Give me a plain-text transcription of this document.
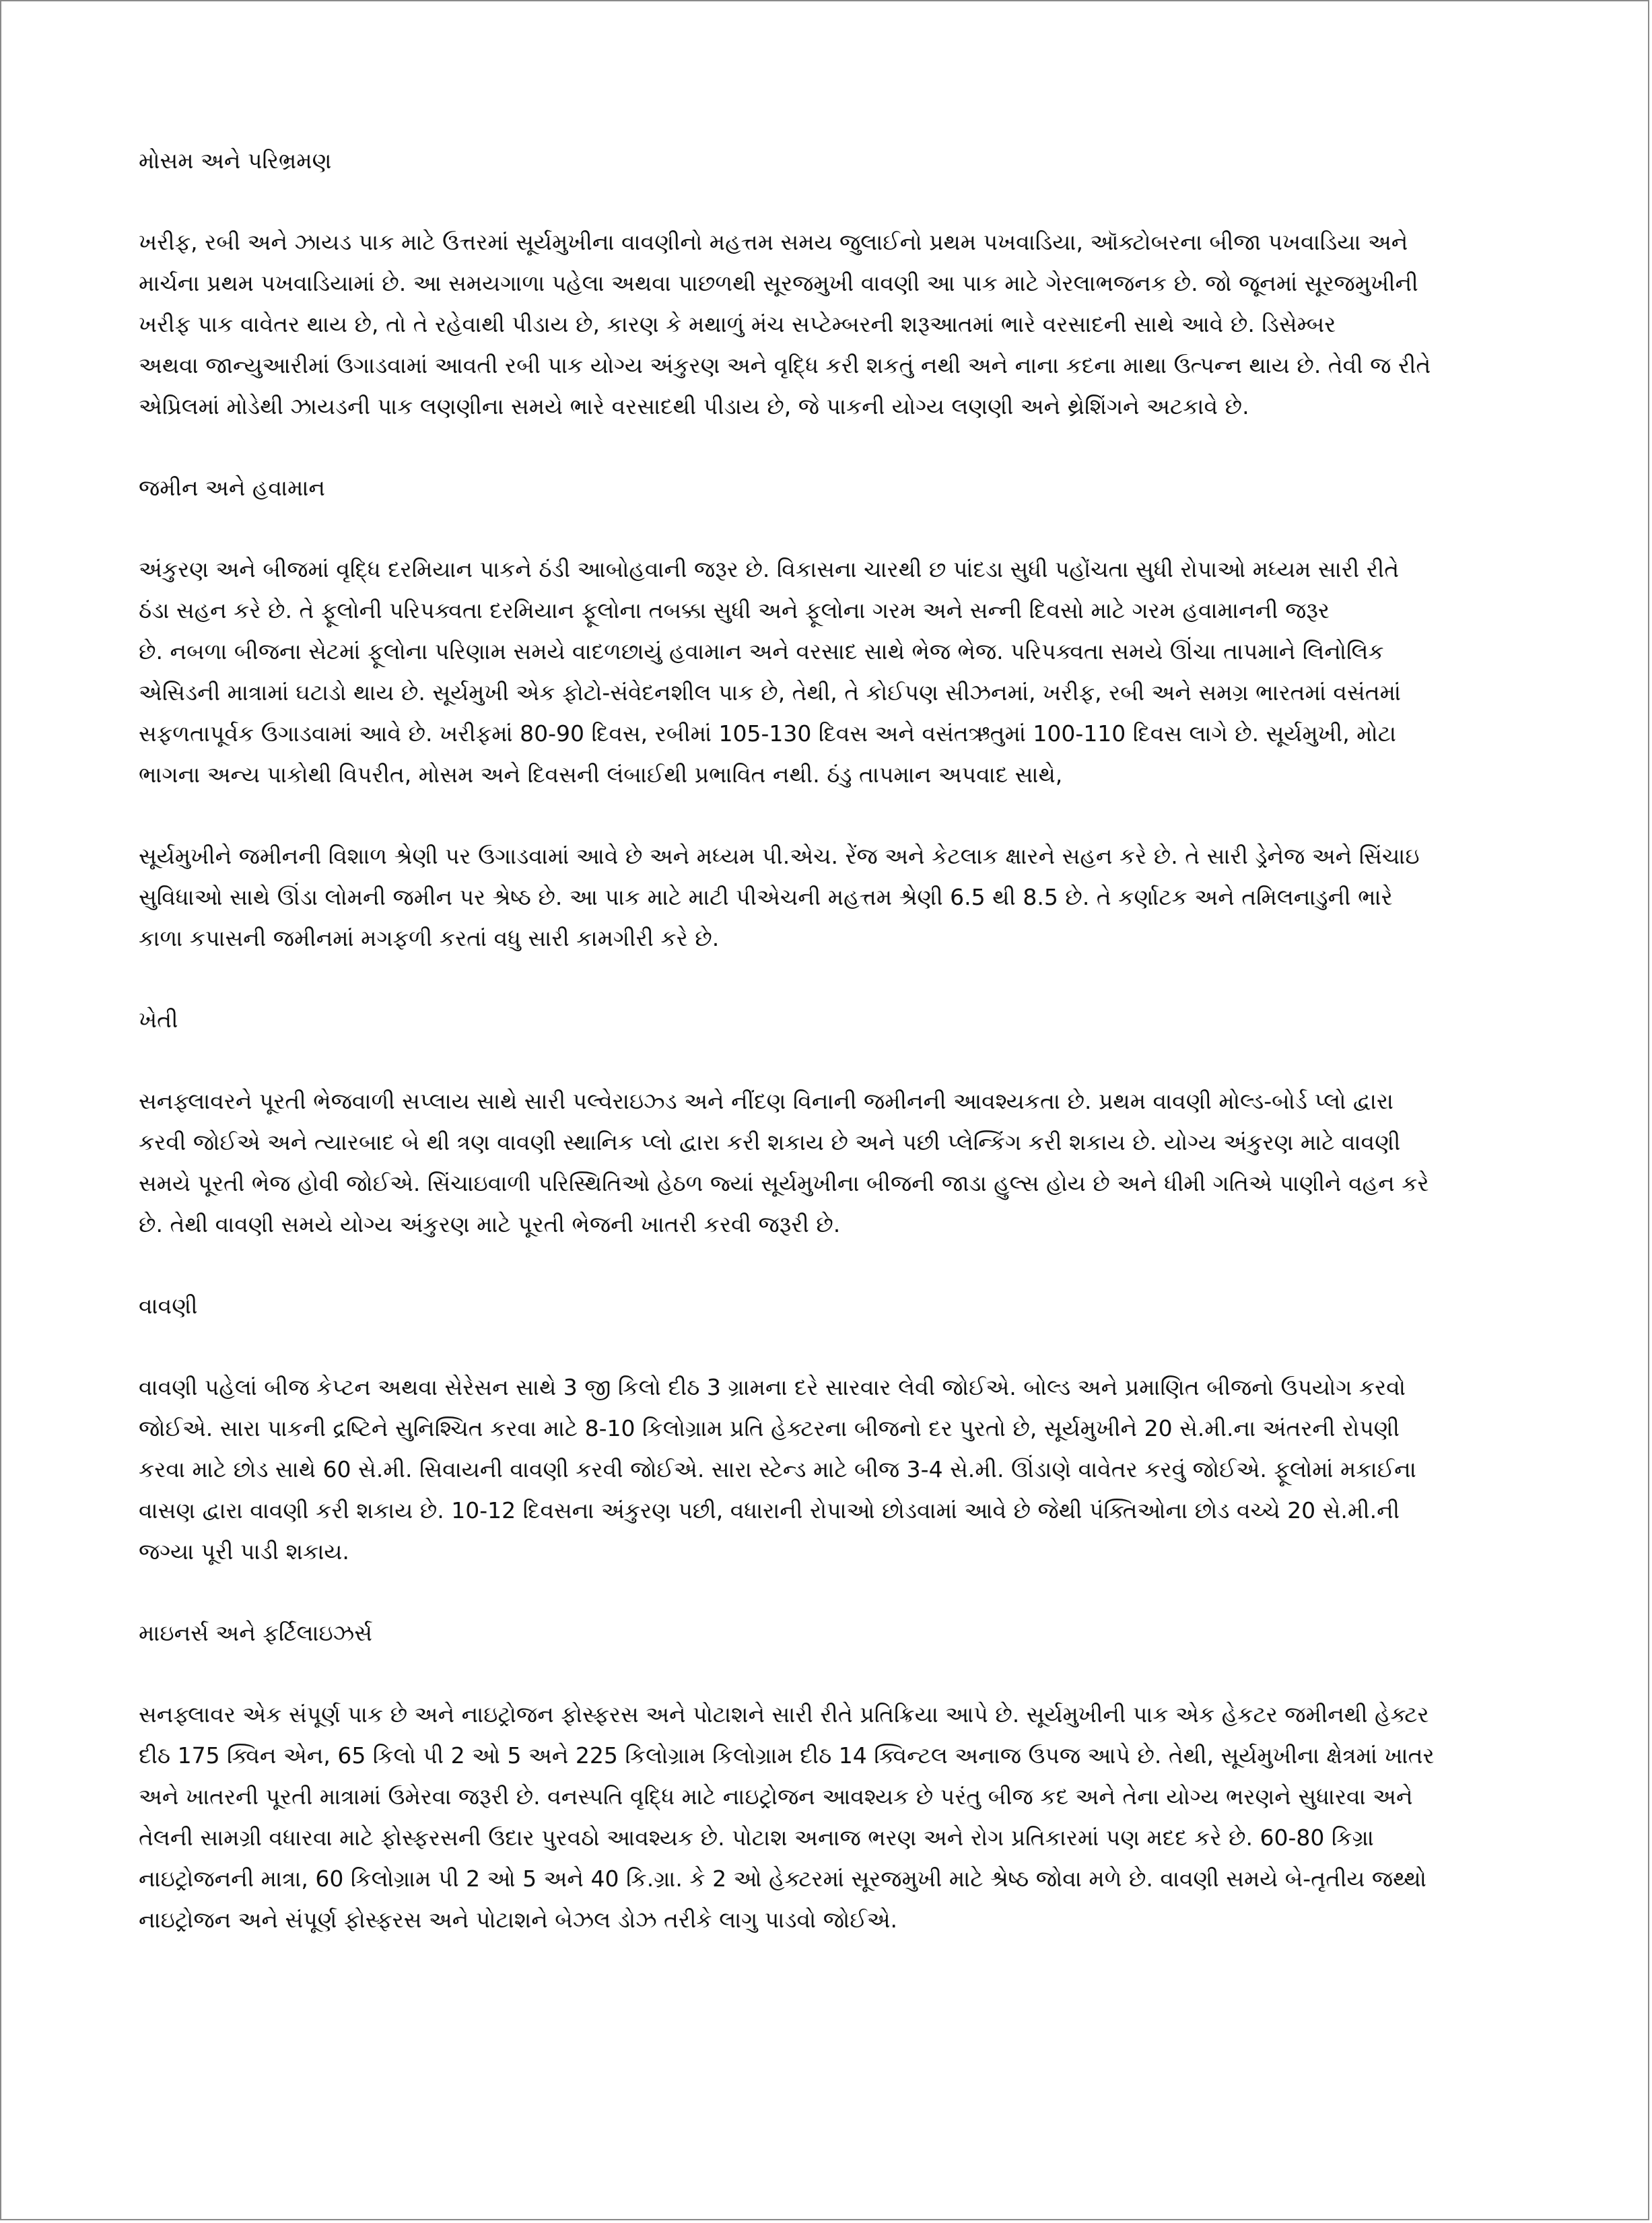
મોસમ અને પરિભ્રમણ

ખરીફ, રબી અને ઝાયડ પાક માટે ઉત્તરમાં સૂર્યમુખીના વાવણીનો મહત્તમ સમય જુલાઈનો પ્રથમ પખવાડિયા, ઑક્ટોબરના બીજા પખવાડિયા અને
માર્ચના પ્રથમ પખવાડિયામાં છે. આ સમયગાળા પહેલા અથવા પાછળથી સૂરજમુખી વાવણી આ પાક માટે ગેરલાભજનક છે. જો જૂનમાં સૂરજમુખીની
ખરીફ પાક વાવેતર થાય છે, તો તે રહેવાથી પીડાય છે, કારણ કે મથાળું મંચ સપ્ટેમ્બરની શરૂઆતમાં ભારે વરસાદની સાથે આવે છે. ડિસેમ્બર
અથવા જાન્યુઆરીમાં ઉગાડવામાં આવતી રબી પાક યોગ્ય અંકુરણ અને વૃદ્ધિ કરી શકતું નથી અને નાના કદના માથા ઉત્પન્ન થાય છે. તેવી જ રીતે
એપ્રિલમાં મોડેથી ઝાયડની પાક લણણીના સમયે ભારે વરસાદથી પીડાય છે, જે પાકની યોગ્ય લણણી અને થ્રેશિંગને અટકાવે છે.

જમીન અને હવામાન

અંકુરણ અને બીજમાં વૃદ્ધિ દરમિયાન પાકને ઠંડી આબોહવાની જરૂર છે. વિકાસના ચારથી છ પાંદડા સુધી પહોંચતા સુધી રોપાઓ મધ્યમ સારી રીતે
ઠંડા સહન કરે છે. તે ફૂલોની પરિપક્વતા દરમિયાન ફૂલોના તબક્કા સુધી અને ફૂલોના ગરમ અને સન્ની દિવસો માટે ગરમ હવામાનની જરૂર
છે. નબળા બીજના સેટમાં ફૂલોના પરિણામ સમયે વાદળછાયું હવામાન અને વરસાદ સાથે ભેજ ભેજ. પરિપક્વતા સમયે ઊંચા તાપમાને લિનોલિક
એસિડની માત્રામાં ઘટાડો થાય છે. સૂર્યમુખી એક ફોટો-સંવેદનશીલ પાક છે, તેથી, તે કોઈપણ સીઝનમાં, ખરીફ, રબી અને સમગ્ર ભારતમાં વસંતમાં
સફળતાપૂર્વક ઉગાડવામાં આવે છે. ખરીફમાં 80-90 દિવસ, રબીમાં 105-130 દિવસ અને વસંતઋતુમાં 100-110 દિવસ લાગે છે. સૂર્યમુખી, મોટા
ભાગના અન્ય પાકોથી વિપરીત, મોસમ અને દિવસની લંબાઈથી પ્રભાવિત નથી. ઠંડુ તાપમાન અપવાદ સાથે,

સૂર્યમુખીને જમીનની વિશાળ શ્રેણી પર ઉગાડવામાં આવે છે અને મધ્યમ પી.એચ. રેંજ અને કેટલાક ક્ષારને સહન કરે છે. તે સારી ડ્રેનેજ અને સિંચાઇ
સુવિધાઓ સાથે ઊંડા લોમની જમીન પર શ્રેષ્ઠ છે. આ પાક માટે માટી પીએચની મહત્તમ શ્રેણી 6.5 થી 8.5 છે. તે કર્ણાટક અને તમિલનાડુની ભારે
કાળા કપાસની જમીનમાં મગફળી કરતાં વધુ સારી કામગીરી કરે છે.

ખેતી

સનફ્લાવરને પૂરતી ભેજવાળી સપ્લાય સાથે સારી પલ્વેરાઇઝ્ડ અને નીંદણ વિનાની જમીનની આવશ્યકતા છે. પ્રથમ વાવણી મોલ્ડ-બોર્ડ પ્લો દ્વારા
કરવી જોઈએ અને ત્યારબાદ બે થી ત્રણ વાવણી સ્થાનિક પ્લો દ્વારા કરી શકાય છે અને પછી પ્લેન્કિંગ કરી શકાય છે. યોગ્ય અંકુરણ માટે વાવણી
સમયે પૂરતી ભેજ હોવી જોઈએ. સિંચાઇવાળી પરિસ્થિતિઓ હેઠળ જ્યાં સૂર્યમુખીના બીજની જાડા હુલ્સ હોય છે અને ધીમી ગતિએ પાણીને વહન કરે
છે. તેથી વાવણી સમયે યોગ્ય અંકુરણ માટે પૂરતી ભેજની ખાતરી કરવી જરૂરી છે.

વાવણી

વાવણી પહેલાં બીજ કેપ્ટન અથવા સેરેસન સાથે 3 જી કિલો દીઠ 3 ગ્રામના દરે સારવાર લેવી જોઈએ. બોલ્ડ અને પ્રમાણિત બીજનો ઉપયોગ કરવો
જોઈએ. સારા પાકની દ્રષ્ટિને સુનિશ્ચિત કરવા માટે 8-10 કિલોગ્રામ પ્રતિ હેક્ટરના બીજનો દર પુરતો છે, સૂર્યમુખીને 20 સે.મી.ના અંતરની રોપણી
કરવા માટે છોડ સાથે 60 સે.મી. સિવાયની વાવણી કરવી જોઈએ. સારા સ્ટેન્ડ માટે બીજ 3-4 સે.મી. ઊંડાણે વાવેતર કરવું જોઈએ. ફૂલોમાં મકાઈના
વાસણ દ્વારા વાવણી કરી શકાય છે. 10-12 દિવસના અંકુરણ પછી, વધારાની રોપાઓ છોડવામાં આવે છે જેથી પંક્તિઓના છોડ વચ્ચે 20 સે.મી.ની
જગ્યા પૂરી પાડી શકાય.

માઇનર્સ અને ફર્ટિલાઇઝર્સ

સનફ્લાવર એક સંપૂર્ણ પાક છે અને નાઇટ્રોજન ફોસ્ફરસ અને પોટાશને સારી રીતે પ્રતિક્રિયા આપે છે. સૂર્યમુખીની પાક એક હેકટર જમીનથી હેક્ટર
દીઠ 175 ક્વિન એન, 65 કિલો પી 2 ઓ 5 અને 225 કિલોગ્રામ કિલોગ્રામ દીઠ 14 ક્વિન્ટલ અનાજ ઉપજ આપે છે. તેથી, સૂર્યમુખીના ક્ષેત્રમાં ખાતર
અને ખાતરની પૂરતી માત્રામાં ઉમેરવા જરૂરી છે. વનસ્પતિ વૃદ્ધિ માટે નાઇટ્રોજન આવશ્યક છે પરંતુ બીજ કદ અને તેના યોગ્ય ભરણને સુધારવા અને
તેલની સામગ્રી વધારવા માટે ફોસ્ફરસની ઉદાર પુરવઠો આવશ્યક છે. પોટાશ અનાજ ભરણ અને રોગ પ્રતિકારમાં પણ મદદ કરે છે. 60-80 કિગ્રા
નાઇટ્રોજનની માત્રા, 60 કિલોગ્રામ પી 2 ઓ 5 અને 40 કિ.ગ્રા. કે 2 ઓ હેક્ટરમાં સૂરજમુખી માટે શ્રેષ્ઠ જોવા મળે છે. વાવણી સમયે બે-તૃતીય જથ્થો
નાઇટ્રોજન અને સંપૂર્ણ ફોસ્ફરસ અને પોટાશને બેઝલ ડોઝ તરીકે લાગુ પાડવો જોઈએ.
